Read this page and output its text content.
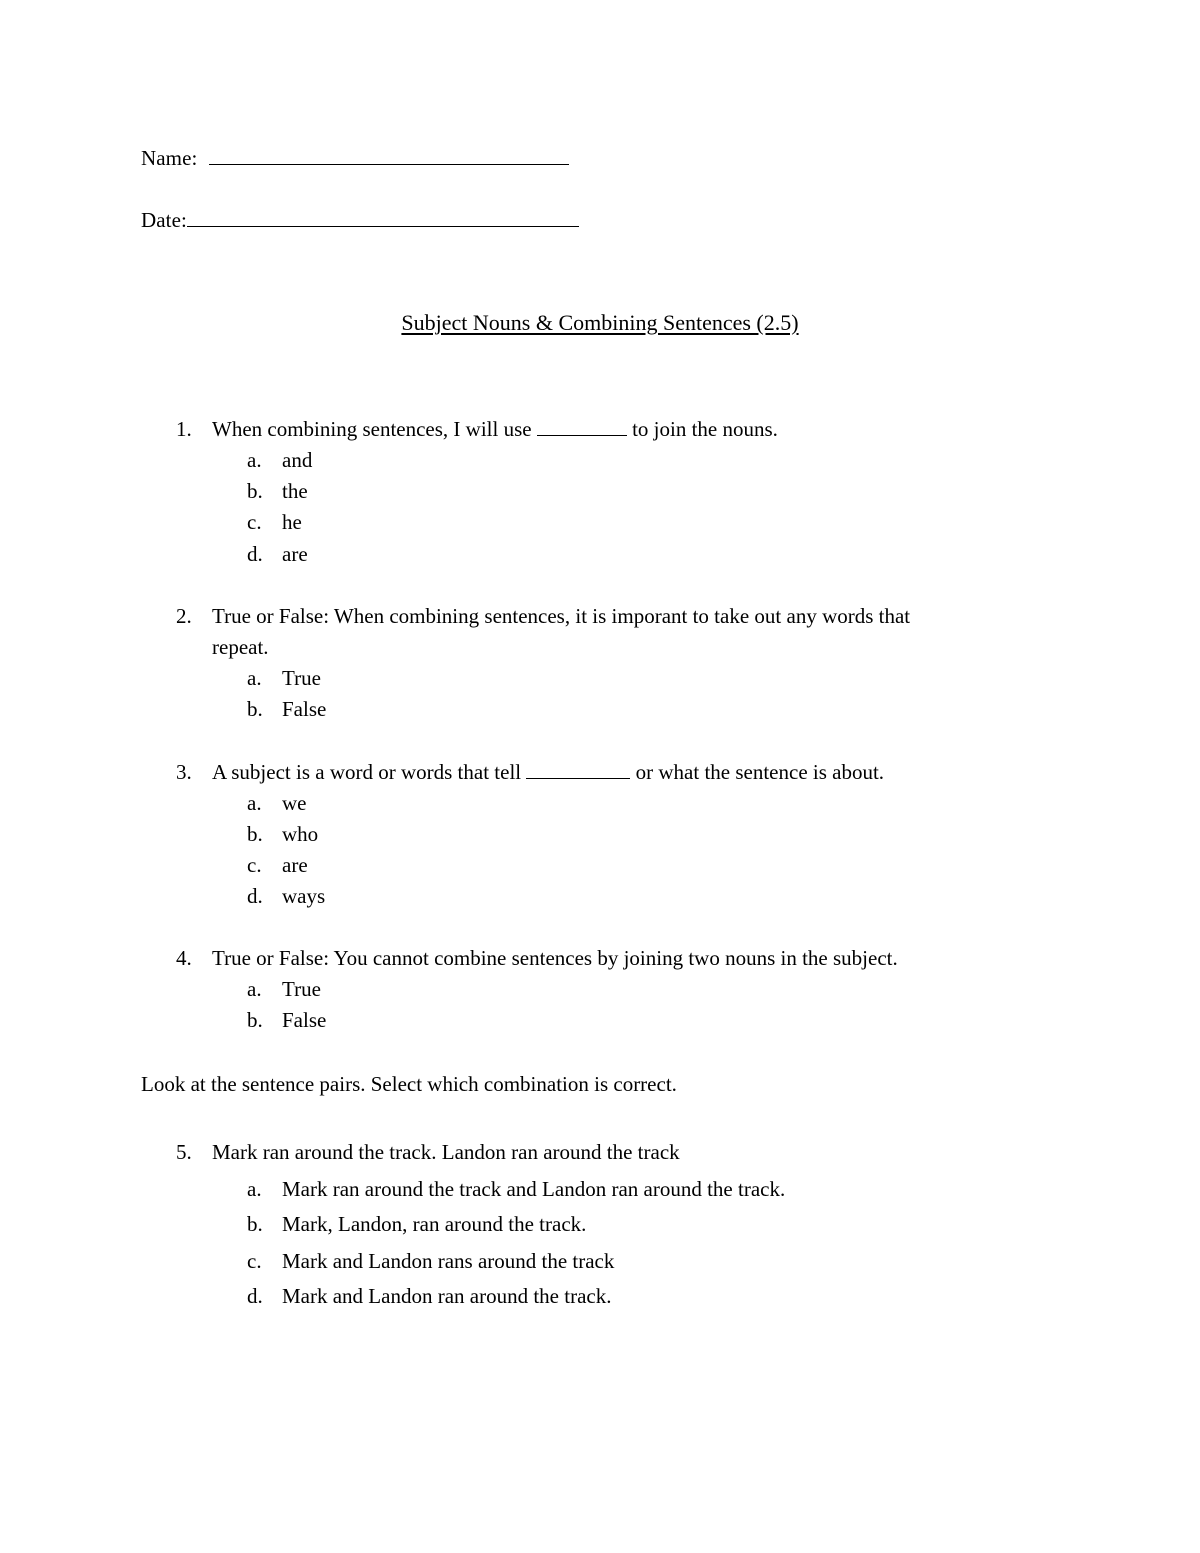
Name:
Date:
Subject Nouns & Combining Sentences (2.5)
1. When combining sentences, I will use	to join the nouns.
a. and
b. the
c. he
d. are
2. True or False: When combining sentences, it is imporant to take out any words that
repeat.
a. True
b. False
3. A subject is a word or words that tell	or what the sentence is about.
a. we
b. who
c. are
d. ways
4. True or False: You cannot combine sentences by joining two nouns in the subject.
a. True
b. False
Look at the sentence pairs. Select which combination is correct.
5. Mark ran around the track. Landon ran around the track
a. Mark ran around the track and Landon ran around the track.
b. Mark, Landon, ran around the track.
c. Mark and Landon rans around the track
d. Mark and Landon ran around the track.
